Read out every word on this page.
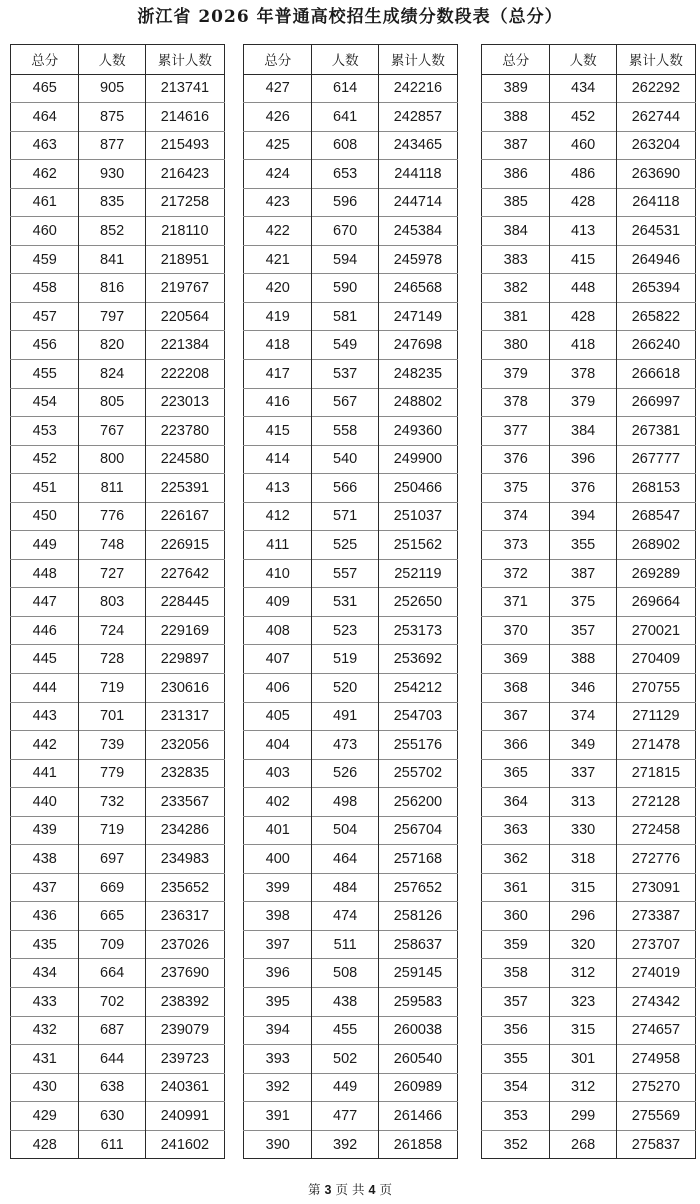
浙江省 2026 年普通高校招生成绩分数段表（总分）
总分	人数	累计人数
465	905	213741
464	875	214616
463	877	215493
462	930	216423
461	835	217258
460	852	218110
459	841	218951
458	816	219767
457	797	220564
456	820	221384
455	824	222208
454	805	223013
453	767	223780
452	800	224580
451	811	225391
450	776	226167
449	748	226915
448	727	227642
447	803	228445
446	724	229169
445	728	229897
444	719	230616
443	701	231317
442	739	232056
441	779	232835
440	732	233567
439	719	234286
438	697	234983
437	669	235652
436	665	236317
435	709	237026
434	664	237690
433	702	238392
432	687	239079
431	644	239723
430	638	240361
429	630	240991
428	611	241602
总分	人数	累计人数
427	614	242216
426	641	242857
425	608	243465
424	653	244118
423	596	244714
422	670	245384
421	594	245978
420	590	246568
419	581	247149
418	549	247698
417	537	248235
416	567	248802
415	558	249360
414	540	249900
413	566	250466
412	571	251037
411	525	251562
410	557	252119
409	531	252650
408	523	253173
407	519	253692
406	520	254212
405	491	254703
404	473	255176
403	526	255702
402	498	256200
401	504	256704
400	464	257168
399	484	257652
398	474	258126
397	511	258637
396	508	259145
395	438	259583
394	455	260038
393	502	260540
392	449	260989
391	477	261466
390	392	261858
总分	人数	累计人数
389	434	262292
388	452	262744
387	460	263204
386	486	263690
385	428	264118
384	413	264531
383	415	264946
382	448	265394
381	428	265822
380	418	266240
379	378	266618
378	379	266997
377	384	267381
376	396	267777
375	376	268153
374	394	268547
373	355	268902
372	387	269289
371	375	269664
370	357	270021
369	388	270409
368	346	270755
367	374	271129
366	349	271478
365	337	271815
364	313	272128
363	330	272458
362	318	272776
361	315	273091
360	296	273387
359	320	273707
358	312	274019
357	323	274342
356	315	274657
355	301	274958
354	312	275270
353	299	275569
352	268	275837
第 3 页 共 4 页
